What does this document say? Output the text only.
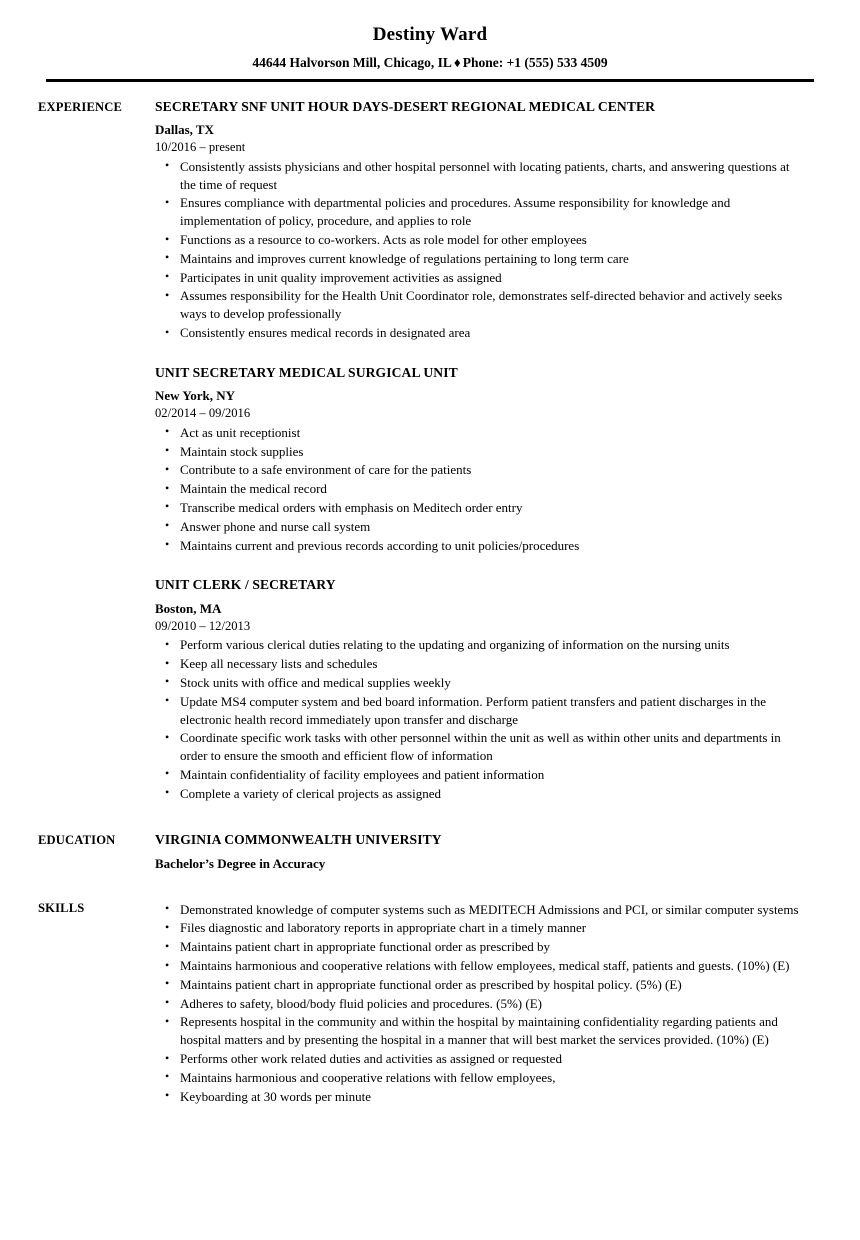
Destiny Ward
44644 Halvorson Mill, Chicago, IL ♦ Phone: +1 (555) 533 4509
EXPERIENCE	SECRETARY SNF UNIT HOUR DAYS-DESERT REGIONAL MEDICAL CENTER
Dallas, TX
10/2016 – present
• Consistently assists physicians and other hospital personnel with locating patients, charts, and answering questions at the time of request
• Ensures compliance with departmental policies and procedures. Assume responsibility for knowledge and implementation of policy, procedure, and applies to role
• Functions as a resource to co-workers. Acts as role model for other employees
• Maintains and improves current knowledge of regulations pertaining to long term care
• Participates in unit quality improvement activities as assigned
• Assumes responsibility for the Health Unit Coordinator role, demonstrates self-directed behavior and actively seeks ways to develop professionally
• Consistently ensures medical records in designated area
UNIT SECRETARY MEDICAL SURGICAL UNIT
New York, NY
02/2014 – 09/2016
• Act as unit receptionist
• Maintain stock supplies
• Contribute to a safe environment of care for the patients
• Maintain the medical record
• Transcribe medical orders with emphasis on Meditech order entry
• Answer phone and nurse call system
• Maintains current and previous records according to unit policies/procedures
UNIT CLERK / SECRETARY
Boston, MA
09/2010 – 12/2013
• Perform various clerical duties relating to the updating and organizing of information on the nursing units
• Keep all necessary lists and schedules
• Stock units with office and medical supplies weekly
• Update MS4 computer system and bed board information. Perform patient transfers and patient discharges in the electronic health record immediately upon transfer and discharge
• Coordinate specific work tasks with other personnel within the unit as well as within other units and departments in order to ensure the smooth and efficient flow of information
• Maintain confidentiality of facility employees and patient information
• Complete a variety of clerical projects as assigned
EDUCATION	VIRGINIA COMMONWEALTH UNIVERSITY
Bachelor’s Degree in Accuracy
SKILLS	• Demonstrated knowledge of computer systems such as MEDITECH Admissions and PCI, or similar computer systems
• Files diagnostic and laboratory reports in appropriate chart in a timely manner
• Maintains patient chart in appropriate functional order as prescribed by
• Maintains harmonious and cooperative relations with fellow employees, medical staff, patients and guests. (10%) (E)
• Maintains patient chart in appropriate functional order as prescribed by hospital policy. (5%) (E)
• Adheres to safety, blood/body fluid policies and procedures. (5%) (E)
• Represents hospital in the community and within the hospital by maintaining confidentiality regarding patients and hospital matters and by presenting the hospital in a manner that will best market the services provided. (10%) (E)
• Performs other work related duties and activities as assigned or requested
• Maintains harmonious and cooperative relations with fellow employees,
• Keyboarding at 30 words per minute
